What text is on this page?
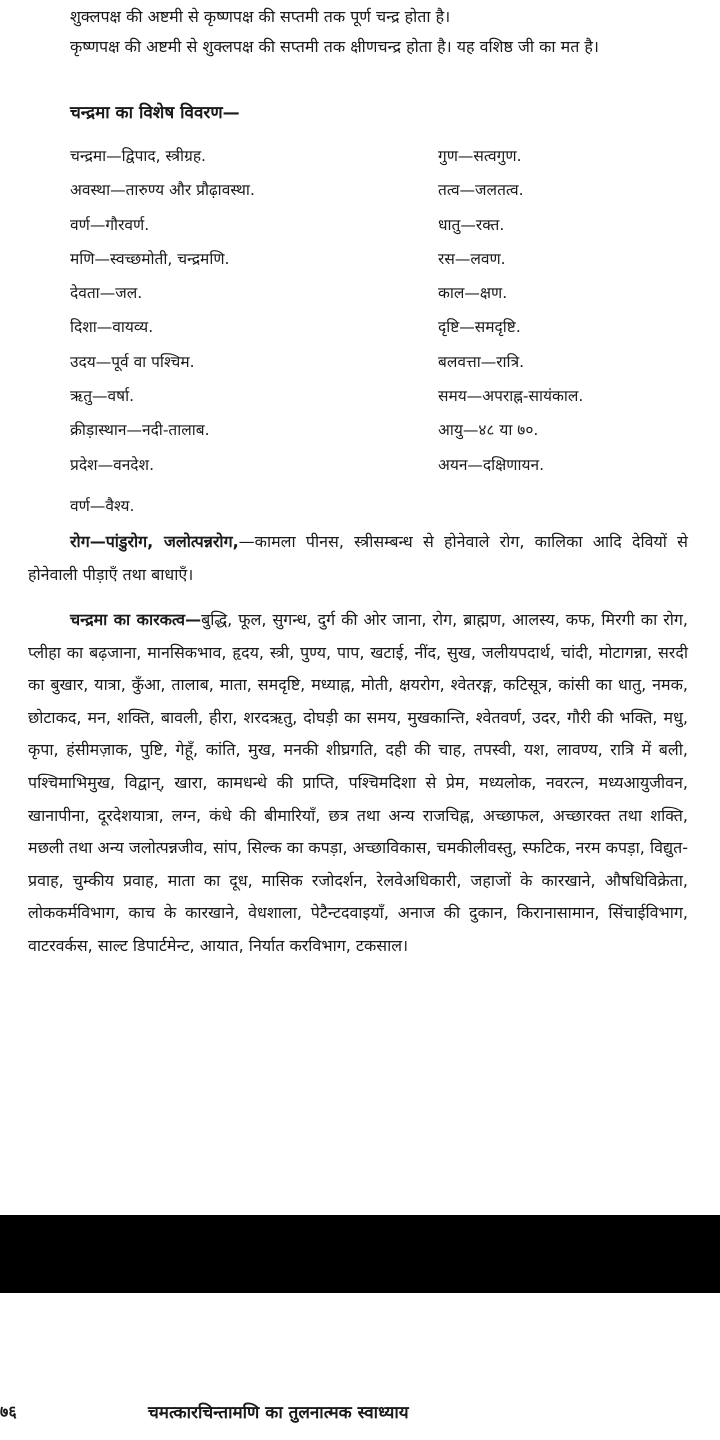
शुक्लपक्ष की अष्टमी से कृष्णपक्ष की सप्तमी तक पूर्ण चन्द्र होता है।

कृष्णपक्ष की अष्टमी से शुक्लपक्ष की सप्तमी तक क्षीणचन्द्र होता है। यह वशिष्ठ जी का मत है।

चन्द्रमा का विशेष विवरण—
चन्द्रमा—द्विपाद, स्त्रीग्रह.	गुण—सत्वगुण.
अवस्था—तारुण्य और प्रौढ़ावस्था.	तत्व—जलतत्व.
वर्ण—गौरवर्ण.	धातु—रक्त.
मणि—स्वच्छमोती, चन्द्रमणि.	रस—लवण.
देवता—जल.	काल—क्षण.
दिशा—वायव्य.	दृष्टि—समदृष्टि.
उदय—पूर्व वा पश्चिम.	बलवत्ता—रात्रि.
ऋतु—वर्षा.	समय—अपराह्न-सायंकाल.
क्रीड़ास्थान—नदी-तालाब.	आयु—४८ या ७०.
प्रदेश—वनदेश.	अयन—दक्षिणायन.
वर्ण—वैश्य.

रोग—पांडुरोग, जलोत्पन्नरोग,—कामला पीनस, स्त्रीसम्बन्ध से होनेवाले रोग, कालिका आदि देवियों से होनेवाली पीड़ाएँ तथा बाधाएँ।

चन्द्रमा का कारकत्व—बुद्धि, फूल, सुगन्ध, दुर्ग की ओर जाना, रोग, ब्राह्मण, आलस्य, कफ, मिरगी का रोग, प्लीहा का बढ़जाना, मानसिकभाव, हृदय, स्त्री, पुण्य, पाप, खटाई, नींद, सुख, जलीयपदार्थ, चांदी, मोटागन्ना, सरदी का बुखार, यात्रा, कुँआ, तालाब, माता, समदृष्टि, मध्याह्न, मोती, क्षयरोग, श्वेतरङ्ग, कटिसूत्र, कांसी का धातु, नमक, छोटाकद, मन, शक्ति, बावली, हीरा, शरदऋतु, दोघड़ी का समय, मुखकान्ति, श्वेतवर्ण, उदर, गौरी की भक्ति, मधु, कृपा, हंसीमज़ाक, पुष्टि, गेहूँ, कांति, मुख, मनकी शीघ्रगति, दही की चाह, तपस्वी, यश, लावण्य, रात्रि में बली, पश्चिमाभिमुख, विद्वान्, खारा, कामधन्धे की प्राप्ति, पश्चिमदिशा से प्रेम, मध्यलोक, नवरत्न, मध्यआयुजीवन, खानापीना, दूरदेशयात्रा, लग्न, कंधे की बीमारियाँ, छत्र तथा अन्य राजचिह्न, अच्छाफल, अच्छारक्त तथा शक्ति, मछली तथा अन्य जलोत्पन्नजीव, सांप, सिल्क का कपड़ा, अच्छाविकास, चमकीलीवस्तु, स्फटिक, नरम कपड़ा, विद्युत-प्रवाह, चुम्कीय प्रवाह, माता का दूध, मासिक रजोदर्शन, रेलवेअधिकारी, जहाजों के कारखाने, औषधिविक्रेता, लोककर्मविभाग, काच के कारखाने, वेधशाला, पेटैन्टदवाइयाँ, अनाज की दुकान, किरानासामान, सिंचाईविभाग, वाटरवर्कस, साल्ट डिपार्टमेन्ट, आयात, निर्यात करविभाग, टकसाल।

७६	चमत्कारचिन्तामणि का तुलनात्मक स्वाध्याय
